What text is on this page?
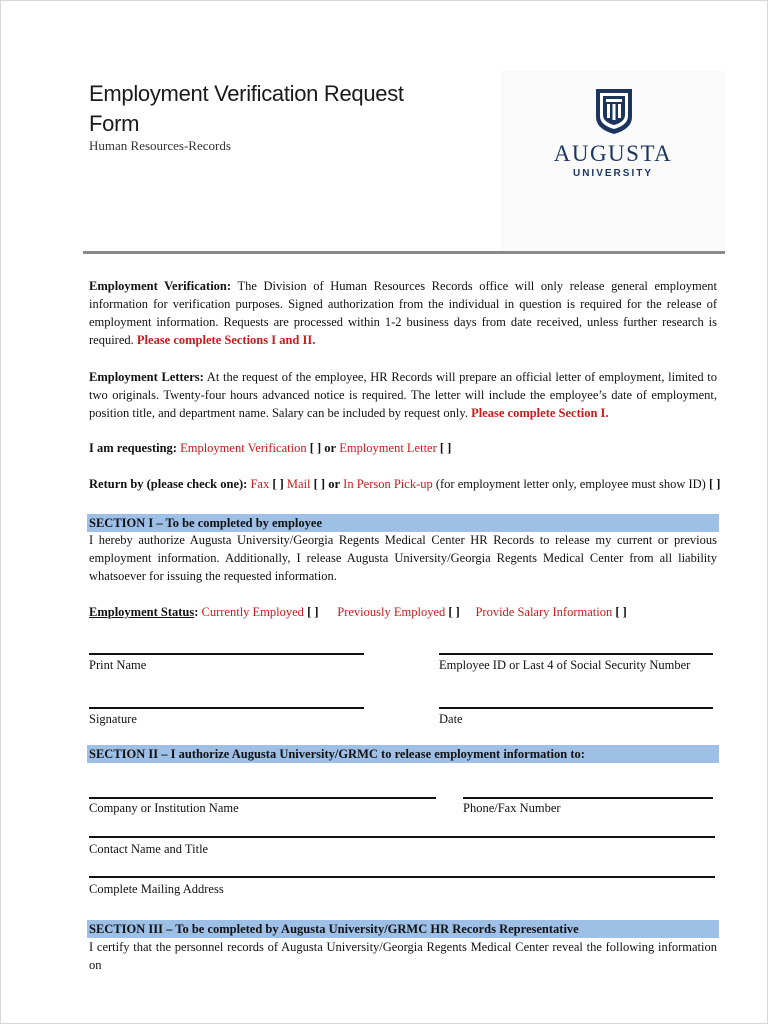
Employment Verification Request
Form
Human Resources-Records	AUGUSTA
UNIVERSITY
Employment Verification: The Division of Human Resources Records office will only release general employment information for verification purposes. Signed authorization from the individual in question is required for the release of employment information. Requests are processed within 1-2 business days from date received, unless further research is required. Please complete Sections I and II.
Employment Letters: At the request of the employee, HR Records will prepare an official letter of employment, limited to two originals. Twenty-four hours advanced notice is required. The letter will include the employee’s date of employment, position title, and department name. Salary can be included by request only. Please complete Section I.
I am requesting: Employment Verification [ ] or Employment Letter [ ]
Return by (please check one): Fax [ ] Mail [ ] or In Person Pick-up (for employment letter only, employee must show ID) [ ]
SECTION I – To be completed by employee
I hereby authorize Augusta University/Georgia Regents Medical Center HR Records to release my current or previous employment information. Additionally, I release Augusta University/Georgia Regents Medical Center from all liability whatsoever for issuing the requested information.
Employment Status: Currently Employed [ ] Previously Employed [ ] Provide Salary Information [ ]
Print Name	Employee ID or Last 4 of Social Security Number
Signature	Date
SECTION II – I authorize Augusta University/GRMC to release employment information to:
Company or Institution Name	Phone/Fax Number
Contact Name and Title
Complete Mailing Address
SECTION III – To be completed by Augusta University/GRMC HR Records Representative
I certify that the personnel records of Augusta University/Georgia Regents Medical Center reveal the following information on
